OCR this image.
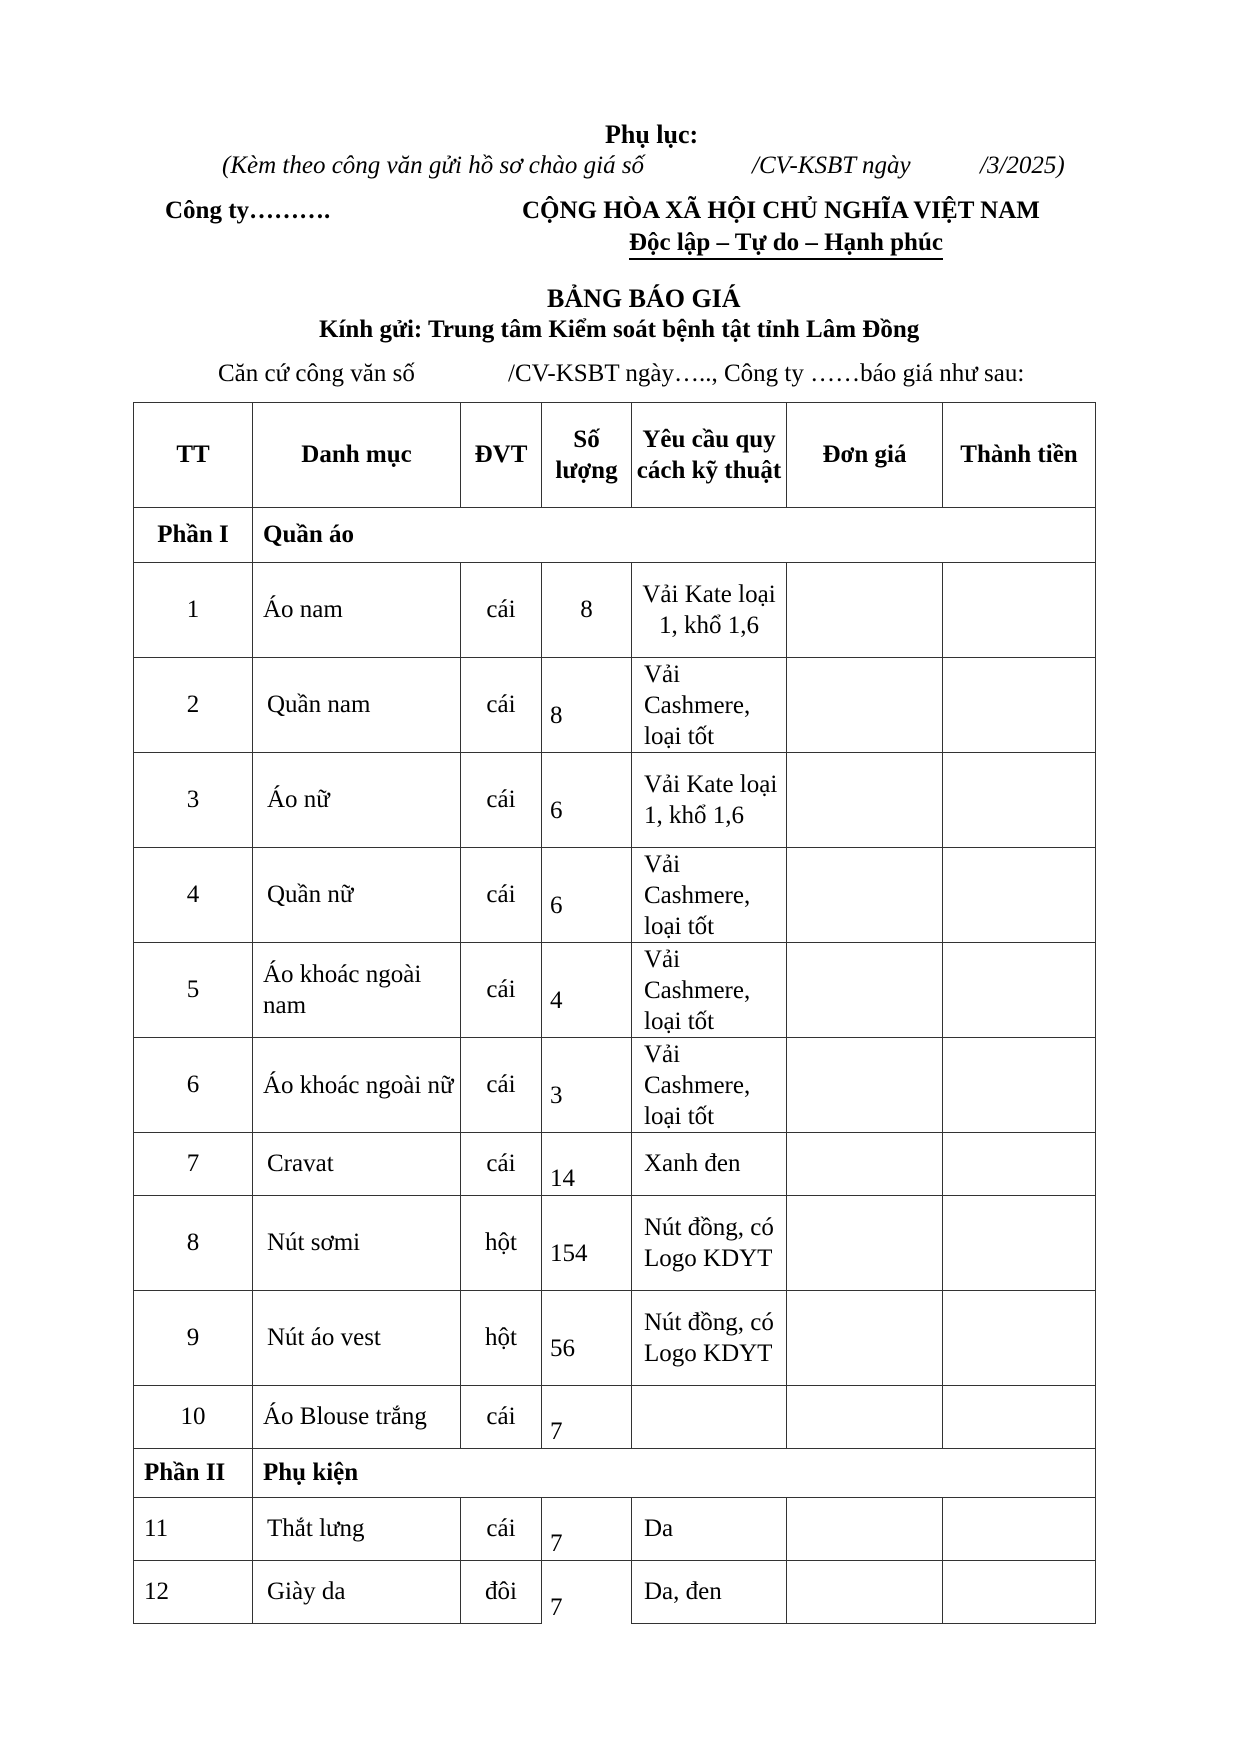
Phụ lục:
(Kèm theo công văn gửi hồ sơ chào giá số	/CV-KSBT ngày	/3/2025)
Công ty……….	CỘNG HÒA XÃ HỘI CHỦ NGHĨA VIỆT NAM
Độc lập – Tự do – Hạnh phúc
BẢNG BÁO GIÁ
Kính gửi: Trung tâm Kiểm soát bệnh tật tỉnh Lâm Đồng
Căn cứ công văn số	/CV-KSBT ngày….., Công ty ……báo giá như sau:
TT	Danh mục	ĐVT	Số lượng	Yêu cầu quy cách kỹ thuật	Đơn giá	Thành tiền
Phần I	Quần áo					
1	Áo nam	cái	8	Vải Kate loại 1, khổ 1,6		
2	Quần nam	cái	8	Vải Cashmere, loại tốt		
3	Áo nữ	cái	6	Vải Kate loại 1, khổ 1,6		
4	Quần nữ	cái	6	Vải Cashmere, loại tốt		
5	Áo khoác ngoài nam	cái	4	Vải Cashmere, loại tốt		
6	Áo khoác ngoài nữ	cái	3	Vải Cashmere, loại tốt		
7	Cravat	cái	14	Xanh đen		
8	Nút sơmi	hột	154	Nút đồng, có Logo KDYT		
9	Nút áo vest	hột	56	Nút đồng, có Logo KDYT		
10	Áo Blouse trắng	cái	7			
Phần II	Phụ kiện					
11	Thắt lưng	cái	7	Da		
12	Giày da	đôi	7	Da, đen		
